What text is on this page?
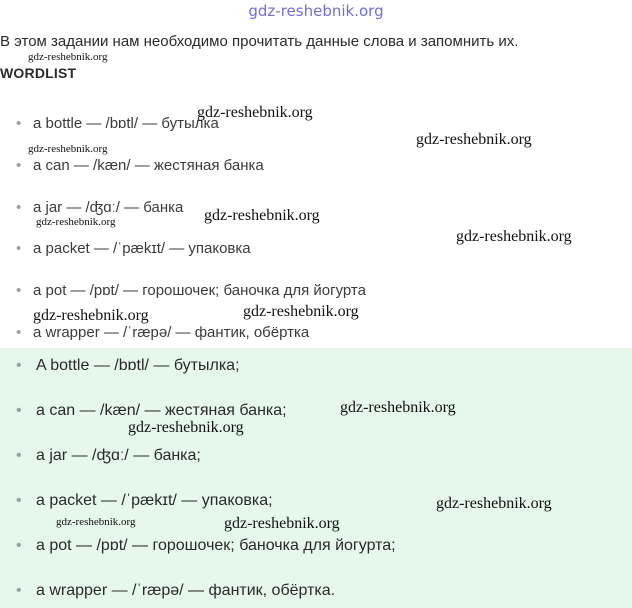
gdz-reshebnik.org
В этом задании нам необходимо прочитать данные слова и запомнить их.
WORDLIST
• a bottle — /bɒtl/ — бутылка
• a can — /kæn/ — жестяная банка
• a jar — /ʤɑː/ — банка
• a packet — /ˈpækɪt/ — упаковка
• a pot — /pɒt/ — горошочек; баночка для йогурта
• a wrapper — /ˈræpə/ — фантик, обёртка
• A bottle — /bɒtl/ — бутылка;
• a can — /kæn/ — жестяная банка;
• a jar — /ʤɑː/ — банка;
• a packet — /ˈpækɪt/ — упаковка;
• a pot — /pɒt/ — горошочек; баночка для йогурта;
• a wrapper — /ˈræpə/ — фантик, обёртка.
gdz-reshebnik.org
gdz-reshebnik.org
gdz-reshebnik.org
gdz-reshebnik.org
gdz-reshebnik.org
gdz-reshebnik.org
gdz-reshebnik.org
gdz-reshebnik.org
gdz-reshebnik.org
gdz-reshebnik.org
gdz-reshebnik.org
gdz-reshebnik.org
gdz-reshebnik.org	gdz-reshebnik.org
